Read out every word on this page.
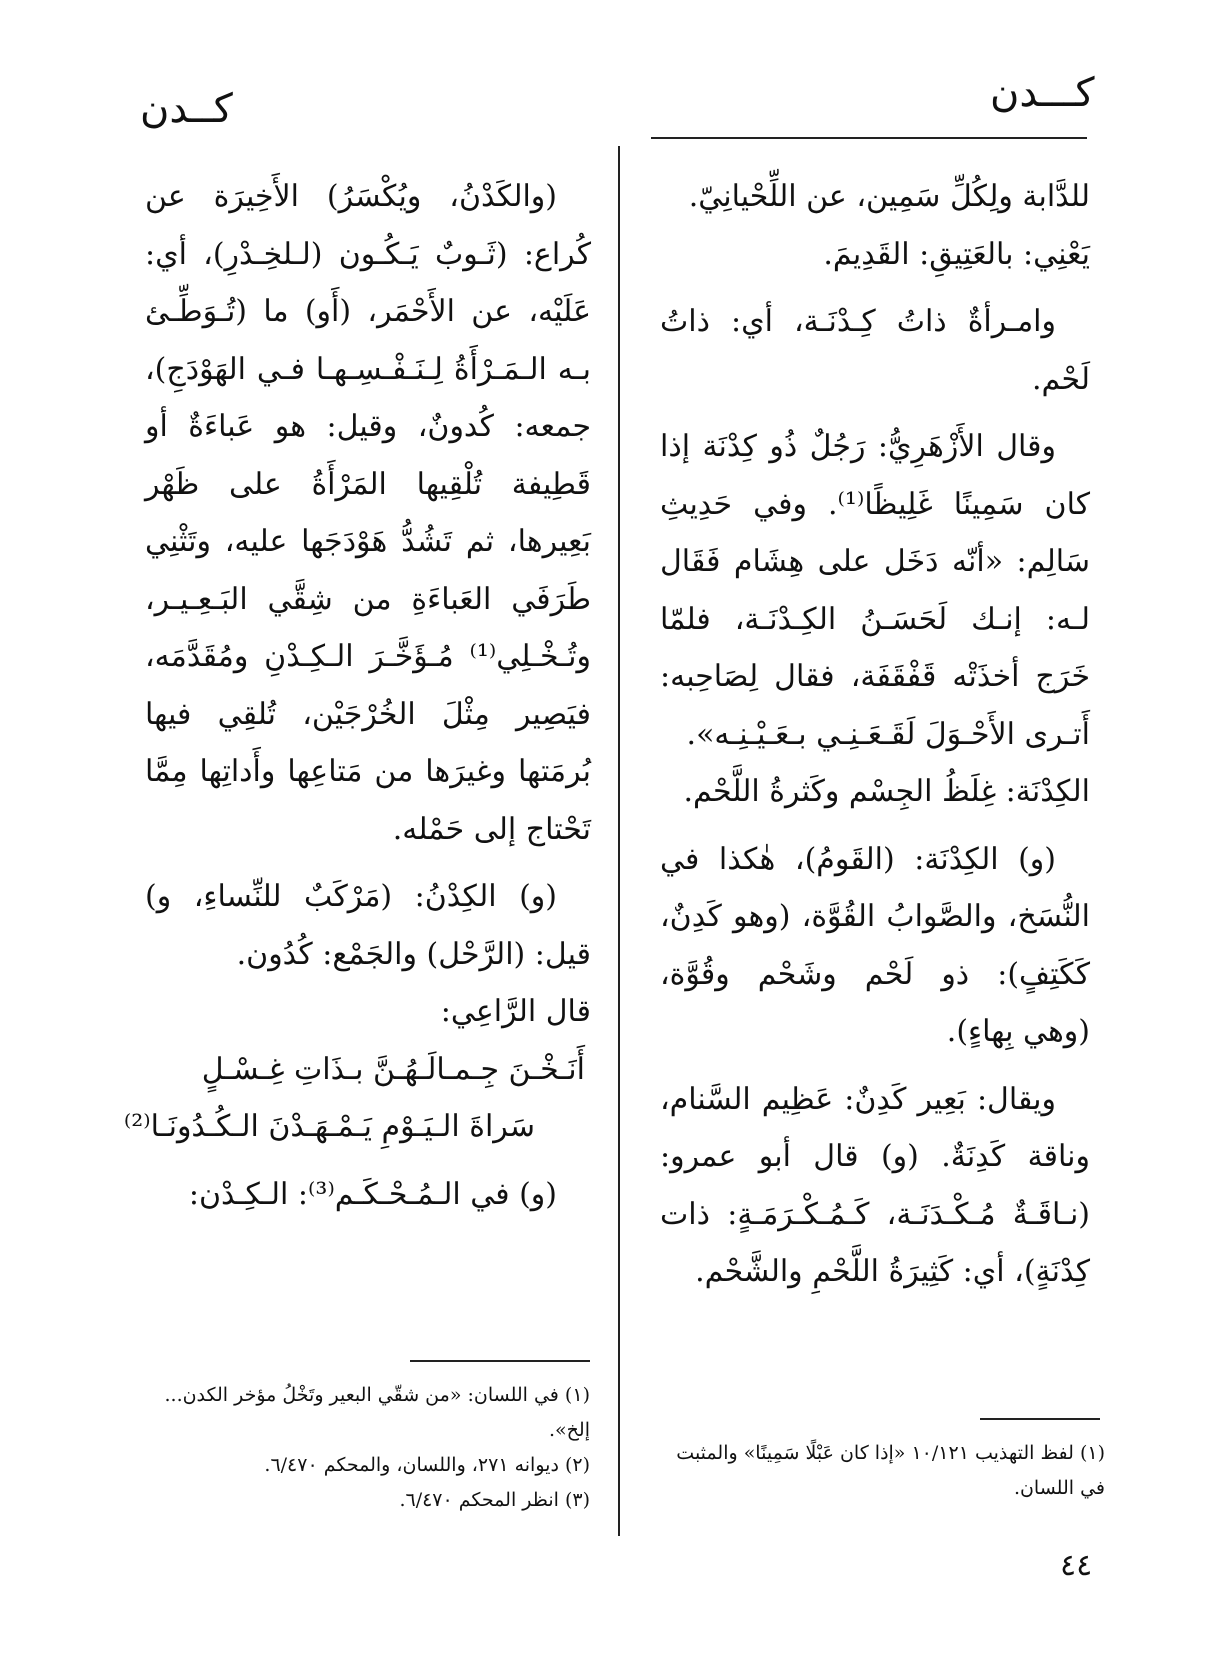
كـــدن
كــدن

للدَّابة ولِكُلِّ سَمِين، عن اللِّحْيانِيّ.

يَعْنِي: بالعَتِيقِ: القَدِيمَ.

وامـرأةٌ ذاتُ كِـدْنَـة، أي: ذاتُ لَحْم.

وقال الأَزْهَرِيُّ: رَجُلٌ ذُو كِدْنَة إذا كان سَمِينًا غَلِيظًا⁽¹⁾. وفي حَدِيثِ سَالِم: «أنّه دَخَل على هِشَام فَقَال لـه: إنـك لَحَسَـنُ الكِـدْنَـة، فلمّا خَرَج أخذَتْه قَفْقَفَة، فقال لِصَاحِبه: أَتـرى الأَحْـوَلَ لَقَـعَـنِـي بـعَـيْـنِـه».

الكِدْنَة: غِلَظُ الجِسْم وكَثرةُ اللَّحْم.

(و) الكِدْنَة: (القَومُ)، هٰكذا في النُّسَخ، والصَّوابُ القُوَّة، (وهو كَدِنٌ، كَكَتِفٍ): ذو لَحْم وشَحْم وقُوَّة، (وهي بِهاءٍ).

ويقال: بَعِير كَدِنٌ: عَظِيم السَّنام، وناقة كَدِنَةٌ. (و) قال أبو عمرو: (نـاقَـةٌ مُـكْـدَنَـة، كَـمُـكْـرَمَـةٍ: ذات كِدْنَةٍ)، أي: كَثِيرَةُ اللَّحْمِ والشَّحْم.

(والكَدْنُ، ويُكْسَرُ) الأَخِيرَة عن كُراع: (ثَـوبٌ يَـكُـون (لـلخِـدْرِ)، أي: عَلَيْه، عن الأَحْمَر، (أَو) ما (تُـوَطِّـئ بـه الـمَـرْأَةُ لِـنَـفْـسِـهـا فـي الهَوْدَجِ)، جمعه: كُدونٌ، وقيل: هو عَباءَةٌ أو قَطِيفة تُلْقِيها المَرْأَةُ على ظَهْر بَعِيرها، ثم تَشُدُّ هَوْدَجَها عليه، وتَثْنِي طَرَفَي العَباءَةِ من شِقَّي البَـعِـيـر، وتُـخْـلِي⁽¹⁾ مُـؤَخَّـرَ الـكِـدْنِ ومُقَدَّمَه، فيَصِير مِثْلَ الخُرْجَيْن، تُلقِي فيها بُرمَتها وغيرَها من مَتاعِها وأَداتِها مِمَّا تَحْتاج إلى حَمْله.

(و) الكِدْنُ: (مَرْكَبٌ للنِّساءِ، و) قيل: (الرَّحْل) والجَمْع: كُدُون.

قال الرَّاعِي:

أَنَـخْـنَ جِـمـالَـهُـنَّ بـذَاتِ غِـسْـلٍ
سَراةَ الـيَـوْمِ يَـمْـهَـدْنَ الـكُـدُونَـا⁽²⁾

(و) في الـمُـحْـكَـم⁽³⁾: الـكِـدْن:

(١) لفظ التهذيب ١٠/١٢١ «إذا كان عَبْلًا سَمِينًا» والمثبت في اللسان.

(١) في اللسان: «من شقّي البعير وتَخْلُ مؤخر الكدن... إلخ».

(٢) ديوانه ٢٧١، واللسان، والمحكم ٦/٤٧٠.

(٣) انظر المحكم ٦/٤٧٠.

٤٤
